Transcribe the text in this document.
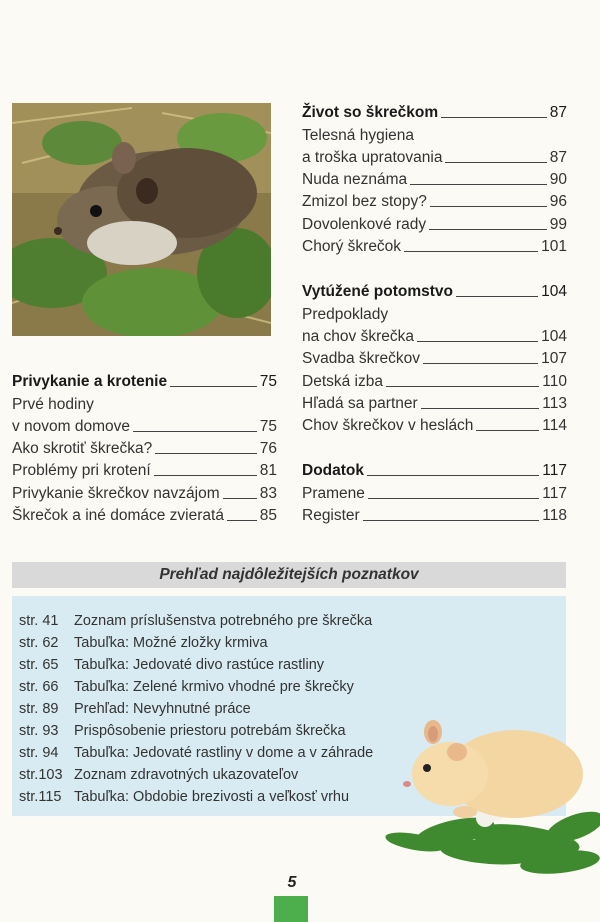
Privykanie a krotenie	75
Prvé hodiny
v novom domove	75
Ako skrotiť škrečka?	76
Problémy pri krotení	81
Privykanie škrečkov navzájom	83
Škrečok a iné domáce zvieratá 85
Život so škrečkom	87
Telesná hygiena
a troška upratovania	87
Nuda neznáma	90
Zmizol bez stopy?	96
Dovolenkové rady	99
Chorý škrečok	101
Vytúžené potomstvo	104
Predpoklady
na chov škrečka	104
Svadba škrečkov	107
Detská izba	110
Hľadá sa partner	113
Chov škrečkov v heslách	114
Dodatok	117
Pramene	117
Register	118
Prehľad najdôležitejších poznatkov
str. 41	Zoznam príslušenstva potrebného pre škrečka
str. 62	Tabuľka: Možné zložky krmiva
str. 65	Tabuľka: Jedovaté divo rastúce rastliny
str. 66	Tabuľka: Zelené krmivo vhodné pre škrečky
str. 89	Prehľad: Nevyhnutné práce
str. 93	Prispôsobenie priestoru potrebám škrečka
str. 94	Tabuľka: Jedovaté rastliny v dome a v záhrade
str.103 Zoznam zdravotných ukazovateľov
str.115 Tabuľka: Obdobie brezivosti a veľkosť vrhu
5
